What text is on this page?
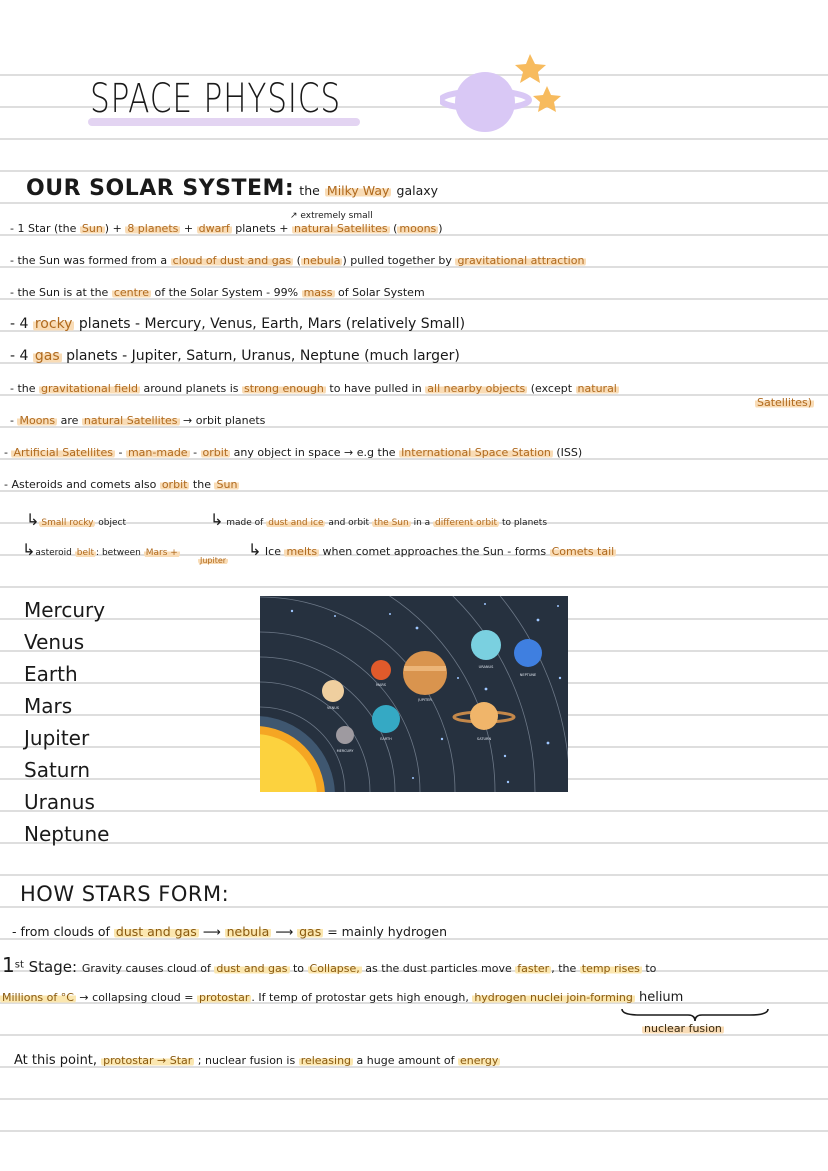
SPACE PHYSICS
OUR SOLAR SYSTEM: the Milky Way galaxy
↗ extremely small
- 1 Star (the Sun ) + 8 planets + dwarf planets + natural Satellites ( moons )
- the Sun was formed from a cloud of dust and gas ( nebula ) pulled together by gravitational attraction
- the Sun is at the centre of the Solar System - 99% mass of Solar System
- 4 rocky planets - Mercury, Venus, Earth, Mars (relatively Small)
- 4 gas planets - Jupiter, Saturn, Uranus, Neptune (much larger)
- the gravitational field around planets is strong enough to have pulled in all nearby objects (except natural
Satellites)
- Moons are natural Satellites → orbit planets
- Artificial Satellites - man-made - orbit any object in space → e.g the International Space Station (ISS)
- Asteroids and comets also orbit the Sun
↳ Small rocky object	↳ made of dust and ice and orbit the Sun in a different orbit to planets
↳asteroid belt : between Mars +
Jupiter
↳ Ice melts when comet approaches the Sun - forms Comets tail
Mercury
Venus
Earth
Mars
Jupiter
Saturn
Uranus
Neptune
MERCURY
VENUS
EARTH
MARS
JUPITER
SATURN
URANUS
NEPTUNE
HOW STARS FORM:
- from clouds of dust and gas ⟶ nebula ⟶ gas = mainly hydrogen
1st Stage: Gravity causes cloud of dust and gas to Collapse, as the dust particles move faster , the temp rises to
Millions of °C → collapsing cloud = protostar . If temp of protostar gets high enough, hydrogen nuclei join-forming helium
nuclear fusion
At this point, protostar → Star ; nuclear fusion is releasing a huge amount of energy
